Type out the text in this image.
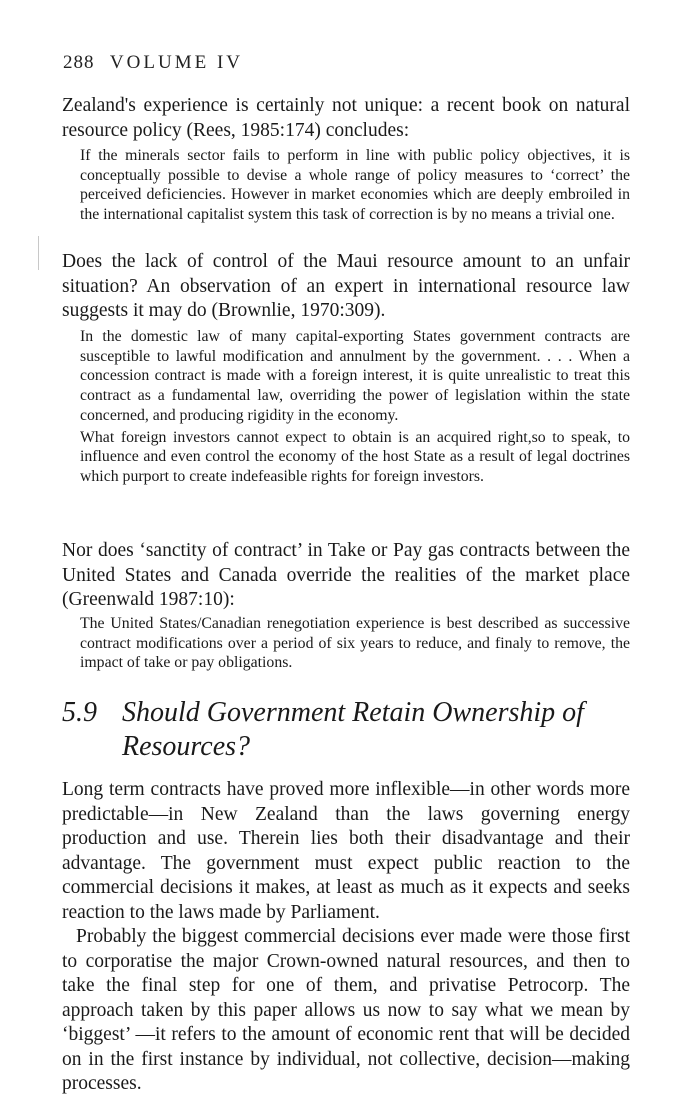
288 VOLUME IV

Zealand's experience is certainly not unique: a recent book on natural resource policy (Rees, 1985:174) concludes:

If the minerals sector fails to perform in line with public policy objectives, it is conceptually possible to devise a whole range of policy measures to ‘correct’ the perceived deficiencies. However in market economies which are deeply embroiled in the international capitalist system this task of correction is by no means a trivial one.

Does the lack of control of the Maui resource amount to an unfair situation? An observation of an expert in international resource law suggests it may do (Brownlie, 1970:309).

In the domestic law of many capital-exporting States government contracts are susceptible to lawful modification and annulment by the government. . . . When a concession contract is made with a foreign interest, it is quite unrealistic to treat this contract as a fundamental law, overriding the power of legislation within the state concerned, and producing rigidity in the economy.

What foreign investors cannot expect to obtain is an acquired right,so to speak, to influence and even control the economy of the host State as a result of legal doctrines which purport to create indefeasible rights for foreign investors.

Nor does ‘sanctity of contract’ in Take or Pay gas contracts between the United States and Canada override the realities of the market place (Greenwald 1987:10):

The United States/Canadian renegotiation experience is best described as successive contract modifications over a period of six years to reduce, and finaly to remove, the impact of take or pay obligations.

5.9 Should Government Retain Ownership of
Resources?

Long term contracts have proved more inflexible—in other words more predictable—in New Zealand than the laws governing energy production and use. Therein lies both their disadvantage and their advantage. The government must expect public reaction to the commercial decisions it makes, at least as much as it expects and seeks reaction to the laws made by Parliament.

Probably the biggest commercial decisions ever made were those first to corporatise the major Crown-owned natural resources, and then to take the final step for one of them, and privatise Petrocorp. The approach taken by this paper allows us now to say what we mean by ‘biggest’ —it refers to the amount of economic rent that will be decided on in the first instance by individual, not collective, decision—making processes.
